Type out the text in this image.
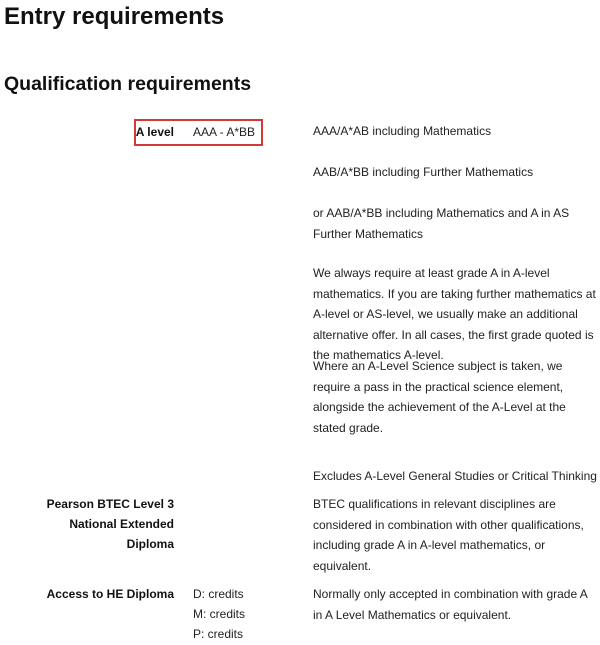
Entry requirements
Qualification requirements
A level AAA - A*BB	AAA/A*AB including Mathematics

AAB/A*BB including Further Mathematics

or AAB/A*BB including Mathematics and A in AS Further Mathematics

We always require at least grade A in A-level mathematics. If you are taking further mathematics at A-level or AS-level, we usually make an additional alternative offer. In all cases, the first grade quoted is the mathematics A-level.

Where an A-Level Science subject is taken, we require a pass in the practical science element, alongside the achievement of the A-Level at the stated grade.

Excludes A-Level General Studies or Critical Thinking

Pearson BTEC Level 3 National Extended Diploma

BTEC qualifications in relevant disciplines are considered in combination with other qualifications, including grade A in A-level mathematics, or equivalent.

Access to HE Diploma D: credits
M: credits
P: credits

Normally only accepted in combination with grade A in A Level Mathematics or equivalent.
